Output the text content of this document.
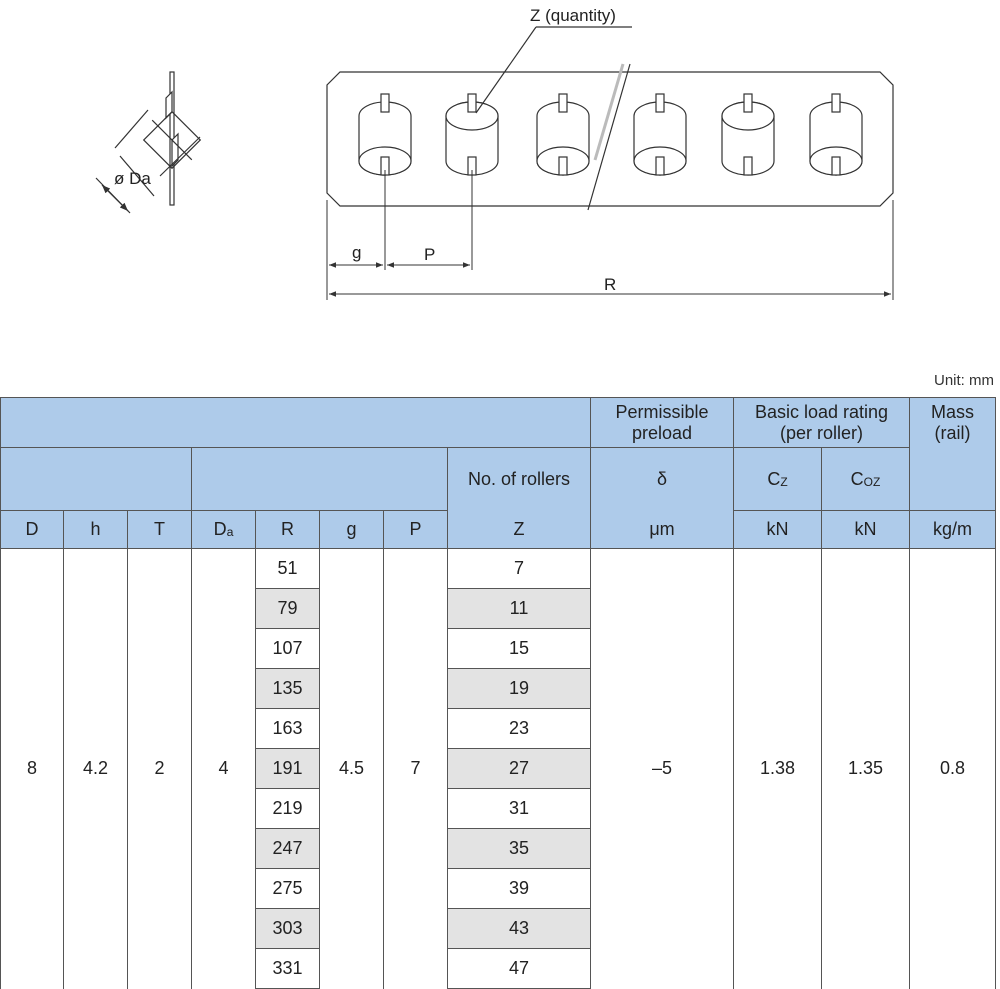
ø Da
Z (quantity)
g	P
R
Unit: mm
								Permissible
preload	Basic load rating
(per roller)		Mass
(rail)
							No. of rollers	δ	CZ	COZ	
D	h	T	Dₐ	R	g	P	Z	μm	kN	kN	kg/m
8	4.2	2	4	51	4.5	7	7	–5	1.38	1.35	0.8
				79			11				
				107			15				
				135			19				
				163			23				
				191			27				
				219			31				
				247			35				
				275			39				
				303			43				
				331			47				
